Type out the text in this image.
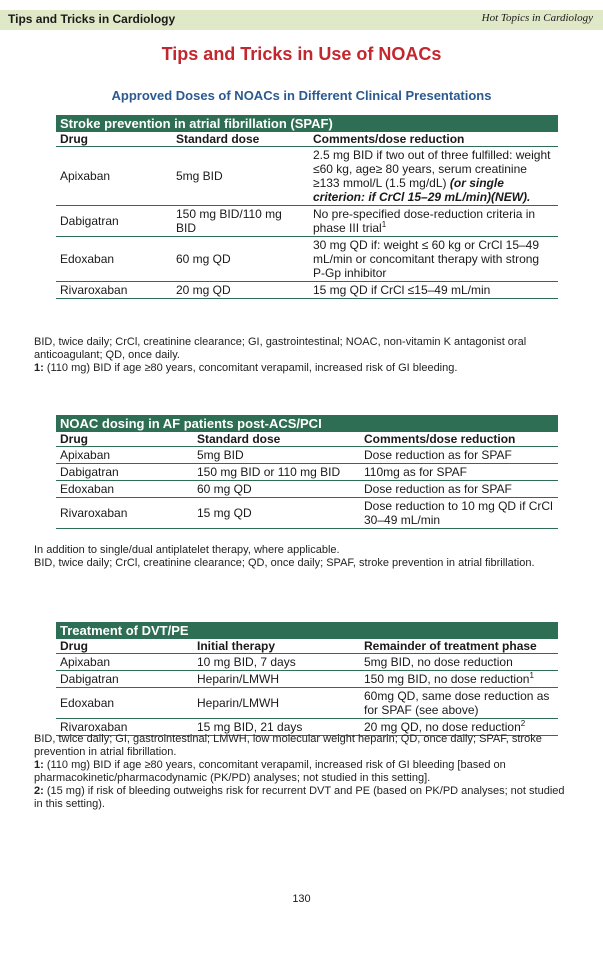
Tips and Tricks in Cardiology	Hot Topics in Cardiology
Tips and Tricks in Use of NOACs
Approved Doses of NOACs in Different Clinical Presentations
Stroke prevention in atrial fibrillation (SPAF)
Drug	Standard dose	Comments/dose reduction
Apixaban	5mg BID	2.5 mg BID if two out of three fulfilled: weight ≤60 kg, age≥ 80 years, serum creatinine ≥133 mmol/L (1.5 mg/dL) (or single criterion: if CrCl 15–29 mL/min)(NEW).
Dabigatran	150 mg BID/110 mg BID	No pre-specified dose-reduction criteria in phase III trial$^1$
Edoxaban	60 mg QD	30 mg QD if: weight ≤ 60 kg or CrCl 15–49 mL/min or concomitant therapy with strong P-Gp inhibitor
Rivaroxaban	20 mg QD	15 mg QD if CrCl ≤15–49 mL/min

BID, twice daily; CrCl, creatinine clearance; GI, gastrointestinal; NOAC, non-vitamin K antagonist oral anticoagulant; QD, once daily.

1: (110 mg) BID if age ≥80 years, concomitant verapamil, increased risk of GI bleeding.

NOAC dosing in AF patients post-ACS/PCI
Drug	Standard dose	Comments/dose reduction
Apixaban	5mg BID	Dose reduction as for SPAF
Dabigatran	150 mg BID or 110 mg BID	110mg as for SPAF
Edoxaban	60 mg QD	Dose reduction as for SPAF
Rivaroxaban	15 mg QD	Dose reduction to 10 mg QD if CrCl 30–49 mL/min

In addition to single/dual antiplatelet therapy, where applicable.

BID, twice daily; CrCl, creatinine clearance; QD, once daily; SPAF, stroke prevention in atrial fibrillation.

Treatment of DVT/PE
Drug	Initial therapy	Remainder of treatment phase
Apixaban	10 mg BID, 7 days	5mg BID, no dose reduction
Dabigatran	Heparin/LMWH	150 mg BID, no dose reduction$^1$
Edoxaban	Heparin/LMWH	60mg QD, same dose reduction as for SPAF (see above)
Rivaroxaban	15 mg BID, 21 days	20 mg QD, no dose reduction$^2$

BID, twice daily; GI, gastrointestinal; LMWH, low molecular weight heparin; QD, once daily; SPAF, stroke prevention in atrial fibrillation.

1: (110 mg) BID if age ≥80 years, concomitant verapamil, increased risk of GI bleeding [based on pharmacokinetic/pharmacodynamic (PK/PD) analyses; not studied in this setting].

2: (15 mg) if risk of bleeding outweighs risk for recurrent DVT and PE (based on PK/PD analyses; not studied in this setting).

130
